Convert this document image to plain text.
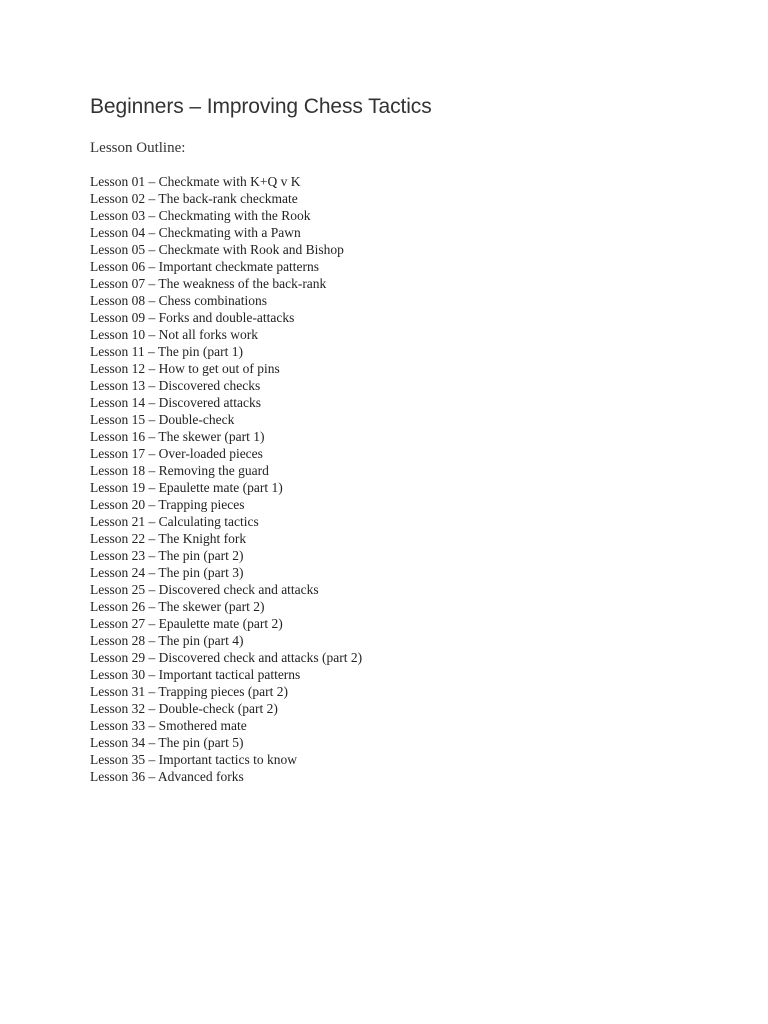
Beginners – Improving Chess Tactics

Lesson Outline:

Lesson 01 – Checkmate with K+Q v K
Lesson 02 – The back-rank checkmate
Lesson 03 – Checkmating with the Rook
Lesson 04 – Checkmating with a Pawn
Lesson 05 – Checkmate with Rook and Bishop
Lesson 06 – Important checkmate patterns
Lesson 07 – The weakness of the back-rank
Lesson 08 – Chess combinations
Lesson 09 – Forks and double-attacks
Lesson 10 – Not all forks work
Lesson 11 – The pin (part 1)
Lesson 12 – How to get out of pins
Lesson 13 – Discovered checks
Lesson 14 – Discovered attacks
Lesson 15 – Double-check
Lesson 16 – The skewer (part 1)
Lesson 17 – Over-loaded pieces
Lesson 18 – Removing the guard
Lesson 19 – Epaulette mate (part 1)
Lesson 20 – Trapping pieces
Lesson 21 – Calculating tactics
Lesson 22 – The Knight fork
Lesson 23 – The pin (part 2)
Lesson 24 – The pin (part 3)
Lesson 25 – Discovered check and attacks
Lesson 26 – The skewer (part 2)
Lesson 27 – Epaulette mate (part 2)
Lesson 28 – The pin (part 4)
Lesson 29 – Discovered check and attacks (part 2)
Lesson 30 – Important tactical patterns
Lesson 31 – Trapping pieces (part 2)
Lesson 32 – Double-check (part 2)
Lesson 33 – Smothered mate
Lesson 34 – The pin (part 5)
Lesson 35 – Important tactics to know
Lesson 36 – Advanced forks
